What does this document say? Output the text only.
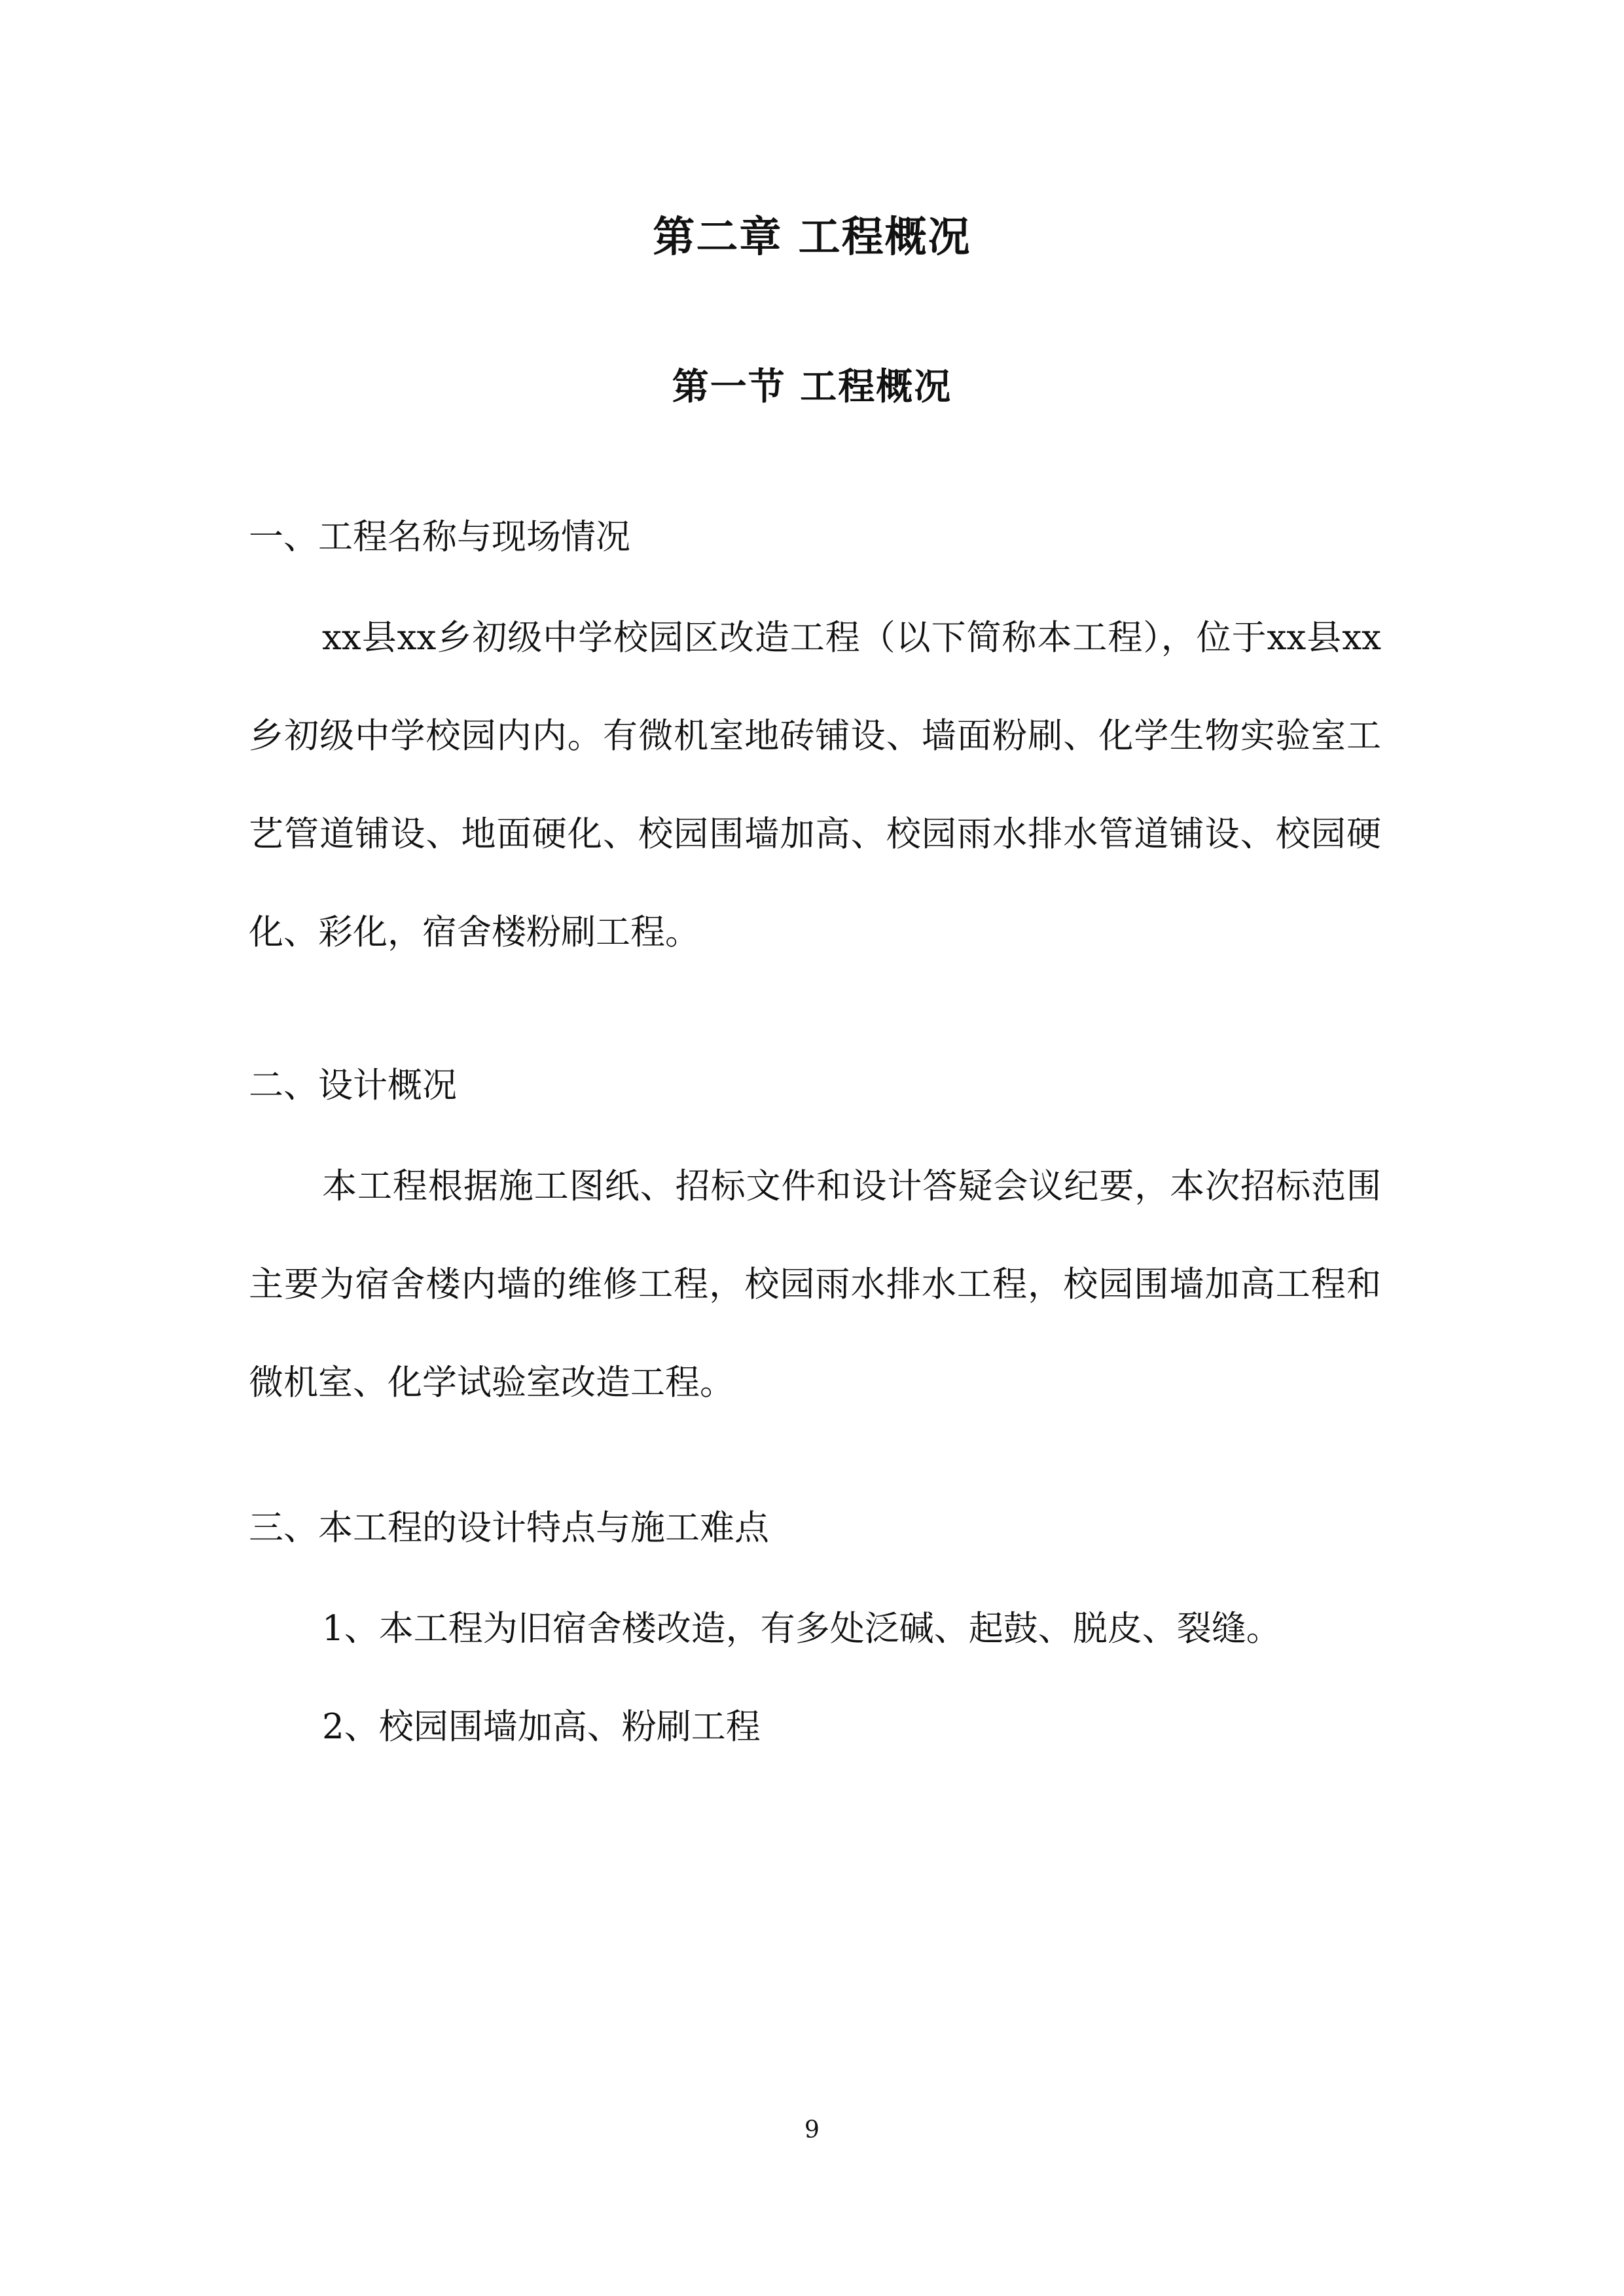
第二章 工程概况
第一节 工程概况

一、工程名称与现场情况

xx县xx乡初级中学校园区改造工程（以下简称本工程），位于xx县xx乡初级中学校园内内。有微机室地砖铺设、墙面粉刷、化学生物实验室工艺管道铺设、地面硬化、校园围墙加高、校园雨水排水管道铺设、校园硬化、彩化，宿舍楼粉刷工程。

二、设计概况

本工程根据施工图纸、招标文件和设计答疑会议纪要，本次招标范围主要为宿舍楼内墙的维修工程，校园雨水排水工程，校园围墙加高工程和微机室、化学试验室改造工程。

三、本工程的设计特点与施工难点

1、本工程为旧宿舍楼改造，有多处泛碱、起鼓、脱皮、裂缝。

2、校园围墙加高、粉刷工程

9
